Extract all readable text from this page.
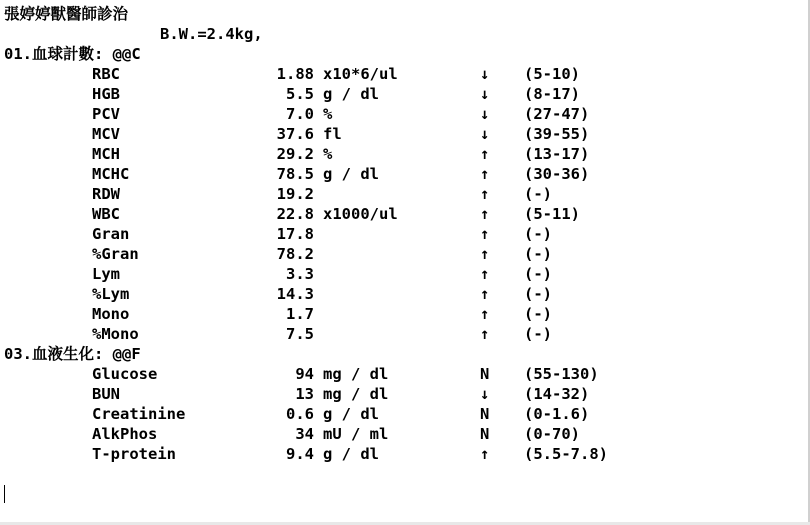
張婷婷獸醫師診治
B.W.=2.4kg,
01.血球計數: @@C
RBC	1.88 x10*6/ul	↓ (5-10)
HGB	5.5 g / dl	↓ (8-17)
PCV	7.0 %	↓ (27-47)
MCV	37.6 fl	↓ (39-55)
MCH	29.2 %	↑ (13-17)
MCHC	78.5 g / dl	↑ (30-36)
RDW	19.2	↑ (-)
WBC	22.8 x1000/ul	↑ (5-11)
Gran	17.8	↑ (-)
%Gran	78.2	↑ (-)
Lym	3.3	↑ (-)
%Lym	14.3	↑ (-)
Mono	1.7	↑ (-)
%Mono	7.5	↑ (-)
03.血液生化: @@F
Glucose	94 mg / dl	N (55-130)
BUN	13 mg / dl	↓ (14-32)
Creatinine	0.6 g / dl	N (0-1.6)
AlkPhos	34 mU / ml	N (0-70)
T-protein	9.4 g / dl	↑ (5.5-7.8)
